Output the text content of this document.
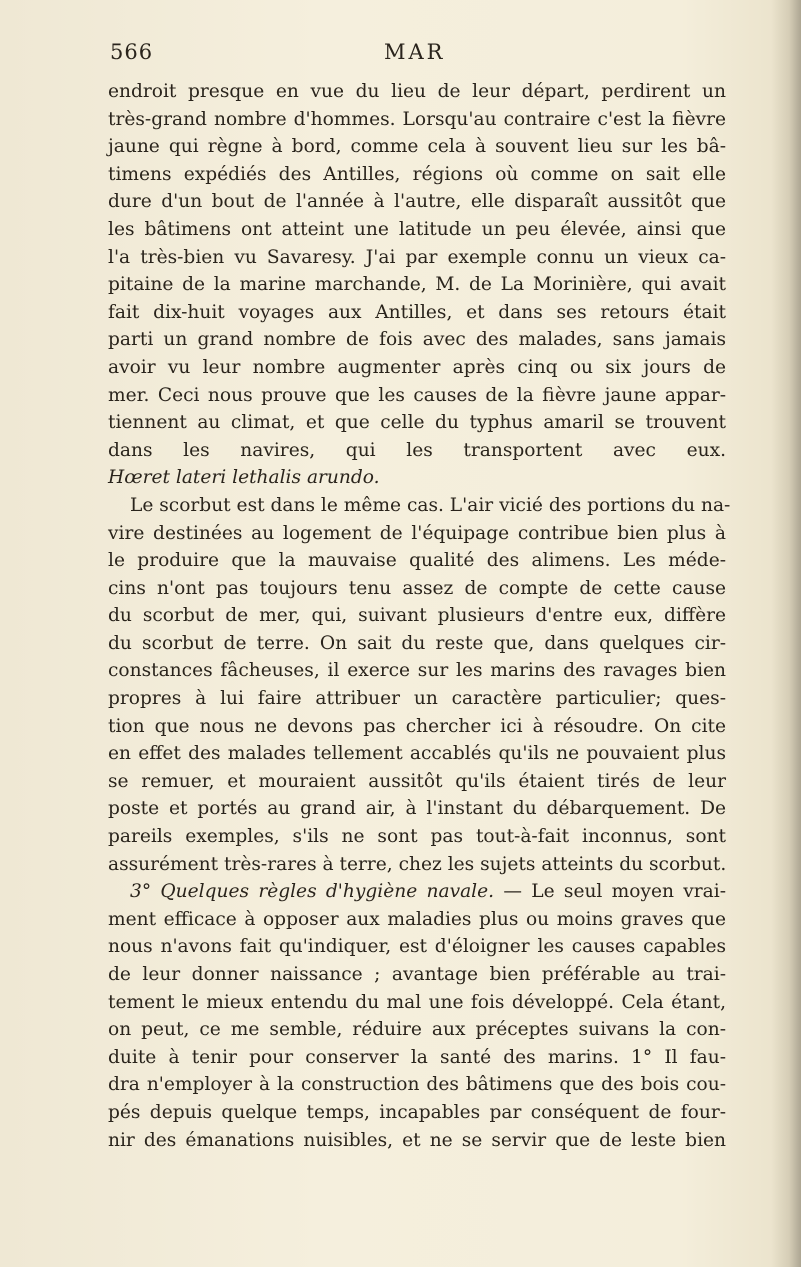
566	MAR
endroit presque en vue du lieu de leur départ, perdirent un
très-grand nombre d'hommes. Lorsqu'au contraire c'est la fièvre
jaune qui règne à bord, comme cela à souvent lieu sur les bâ-
timens expédiés des Antilles, régions où comme on sait elle
dure d'un bout de l'année à l'autre, elle disparaît aussitôt que
les bâtimens ont atteint une latitude un peu élevée, ainsi que
l'a très-bien vu Savaresy. J'ai par exemple connu un vieux ca-
pitaine de la marine marchande, M. de La Morinière, qui avait
fait dix-huit voyages aux Antilles, et dans ses retours était
parti un grand nombre de fois avec des malades, sans jamais
avoir vu leur nombre augmenter après cinq ou six jours de
mer. Ceci nous prouve que les causes de la fièvre jaune appar-
tiennent au climat, et que celle du typhus amaril se trouvent
dans les navires, qui les transportent avec eux.
Hœret lateri lethalis arundo.
Le scorbut est dans le même cas. L'air vicié des portions du na-
vire destinées au logement de l'équipage contribue bien plus à
le produire que la mauvaise qualité des alimens. Les méde-
cins n'ont pas toujours tenu assez de compte de cette cause
du scorbut de mer, qui, suivant plusieurs d'entre eux, diffère
du scorbut de terre. On sait du reste que, dans quelques cir-
constances fâcheuses, il exerce sur les marins des ravages bien
propres à lui faire attribuer un caractère particulier; ques-
tion que nous ne devons pas chercher ici à résoudre. On cite
en effet des malades tellement accablés qu'ils ne pouvaient plus
se remuer, et mouraient aussitôt qu'ils étaient tirés de leur
poste et portés au grand air, à l'instant du débarquement. De
pareils exemples, s'ils ne sont pas tout-à-fait inconnus, sont
assurément très-rares à terre, chez les sujets atteints du scorbut.
3° Quelques règles d'hygiène navale. — Le seul moyen vrai-
ment efficace à opposer aux maladies plus ou moins graves que
nous n'avons fait qu'indiquer, est d'éloigner les causes capables
de leur donner naissance ; avantage bien préférable au trai-
tement le mieux entendu du mal une fois développé. Cela étant,
on peut, ce me semble, réduire aux préceptes suivans la con-
duite à tenir pour conserver la santé des marins. 1° Il fau-
dra n'employer à la construction des bâtimens que des bois cou-
pés depuis quelque temps, incapables par conséquent de four-
nir des émanations nuisibles, et ne se servir que de leste bien
